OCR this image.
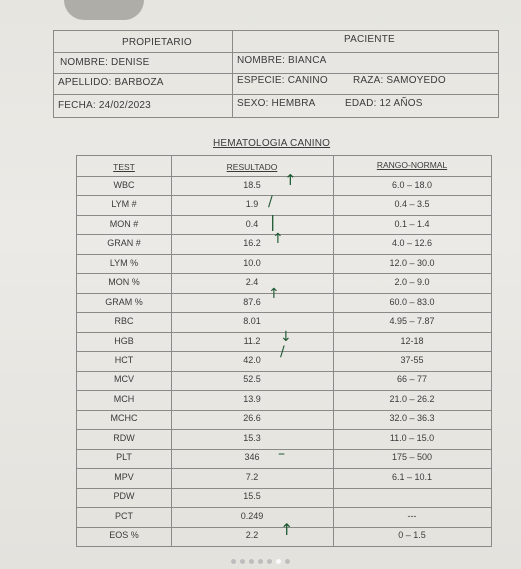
PROPIETARIO	PACIENTE
NOMBRE: DENISE	NOMBRE: BIANCA
APELLIDO: BARBOZA	ESPECIE: CANINO	RAZA: SAMOYEDO
FECHA: 24/02/2023	SEXO: HEMBRA	EDAD: 12 AÑOS
HEMATOLOGIA CANINO
TEST	RESULTADO	RANGO-NORMAL
WBC	18.5	6.0 – 18.0
LYM #	1.9	0.4 – 3.5
MON #	0.4	0.1 – 1.4
GRAN #	16.2	4.0 – 12.6
LYM %	10.0	12.0 – 30.0
MON %	2.4	2.0 – 9.0
GRAM %	87.6	60.0 – 83.0
RBC	8.01	4.95 – 7.87
HGB	11.2	12-18
HCT	42.0	37-55
MCV	52.5	66 – 77
MCH	13.9	21.0 – 26.2
MCHC	26.6	32.0 – 36.3
RDW	15.3	11.0 – 15.0
PLT	346	175 – 500
MPV	7.2	6.1 – 10.1
PDW	15.5
PCT	0.249	---
EOS %	2.2	0 – 1.5
↑
/
|
↑
↑
↓
/
–
↑
